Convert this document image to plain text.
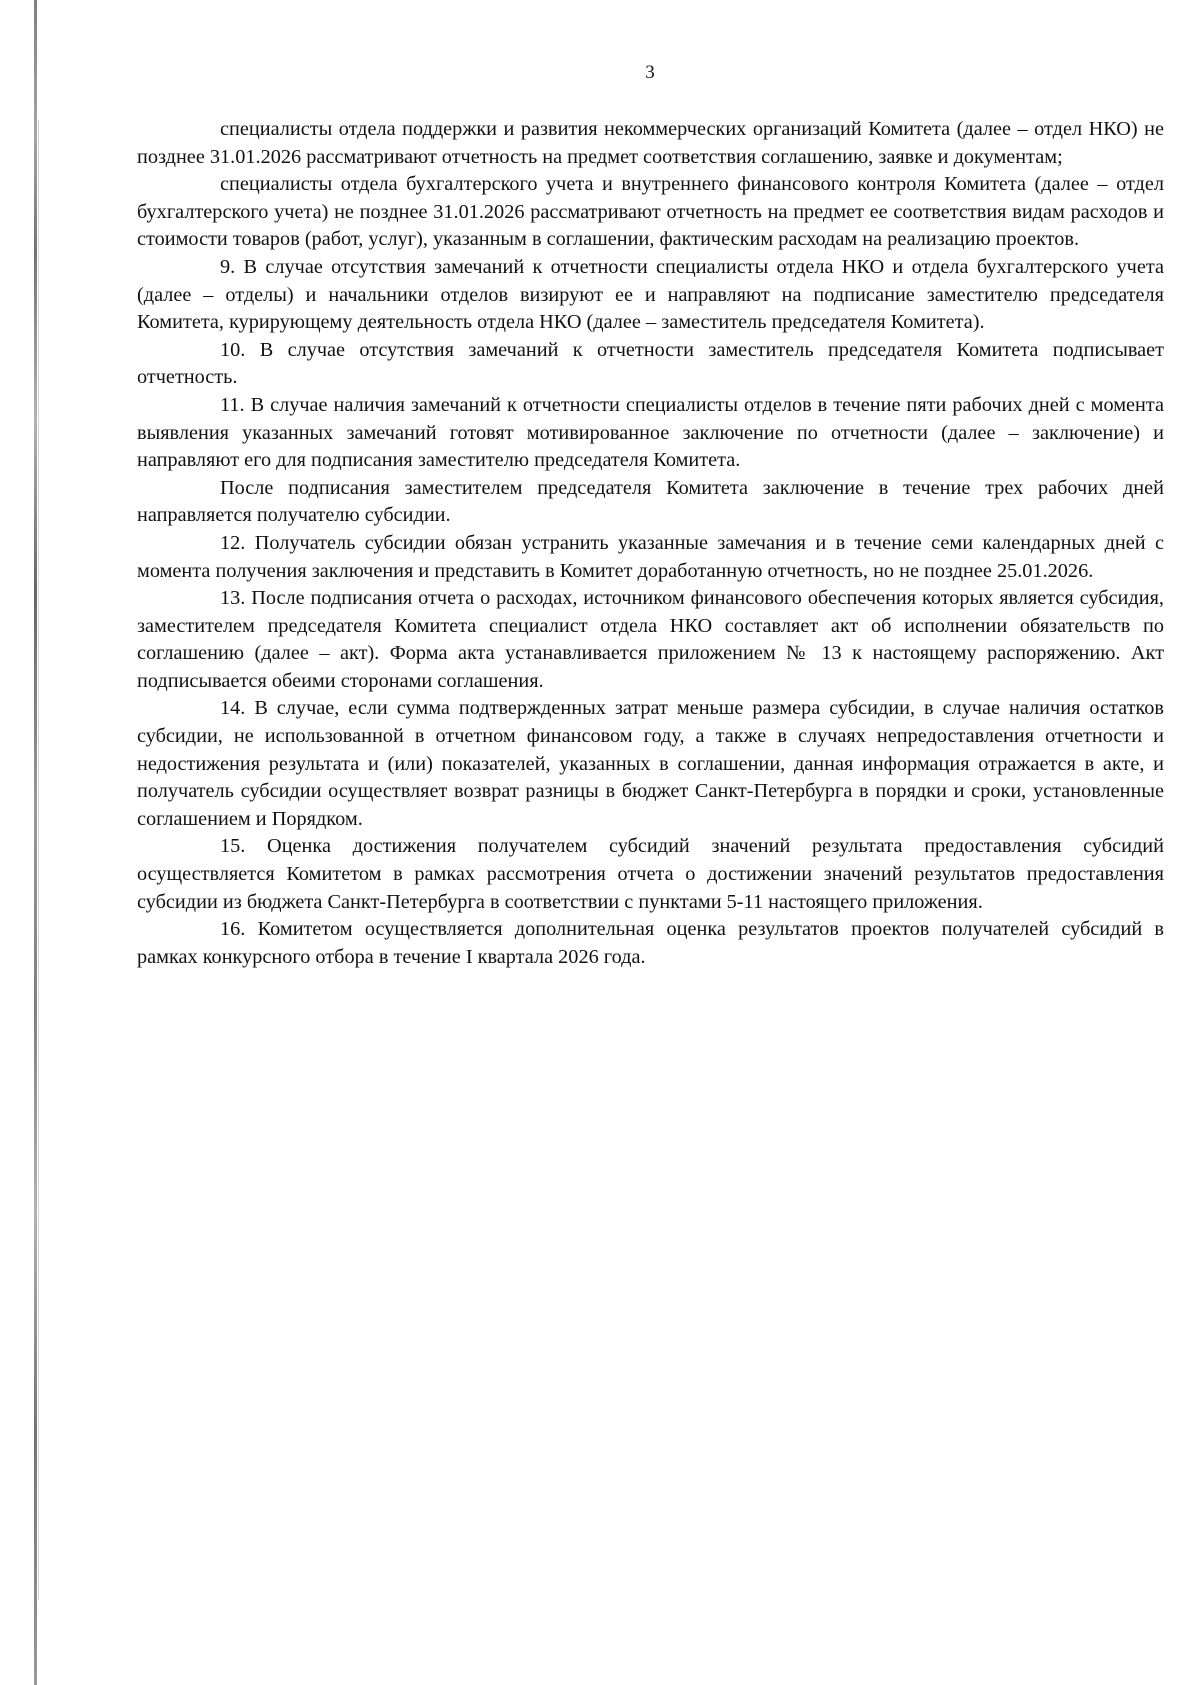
3

специалисты отдела поддержки и развития некоммерческих организаций Комитета (далее – отдел НКО) не позднее 31.01.2026 рассматривают отчетность на предмет соответствия соглашению, заявке и документам;

специалисты отдела бухгалтерского учета и внутреннего финансового контроля Комитета (далее – отдел бухгалтерского учета) не позднее 31.01.2026 рассматривают отчетность на предмет ее соответствия видам расходов и стоимости товаров (работ, услуг), указанным в соглашении, фактическим расходам на реализацию проектов.

9. В случае отсутствия замечаний к отчетности специалисты отдела НКО и отдела бухгалтерского учета (далее – отделы) и начальники отделов визируют ее и направляют на подписание заместителю председателя Комитета, курирующему деятельность отдела НКО (далее – заместитель председателя Комитета).

10. В случае отсутствия замечаний к отчетности заместитель председателя Комитета подписывает отчетность.

11. В случае наличия замечаний к отчетности специалисты отделов в течение пяти рабочих дней с момента выявления указанных замечаний готовят мотивированное заключение по отчетности (далее – заключение) и направляют его для подписания заместителю председателя Комитета.

После подписания заместителем председателя Комитета заключение в течение трех рабочих дней направляется получателю субсидии.

12. Получатель субсидии обязан устранить указанные замечания и в течение семи календарных дней с момента получения заключения и представить в Комитет доработанную отчетность, но не позднее 25.01.2026.

13. После подписания отчета о расходах, источником финансового обеспечения которых является субсидия, заместителем председателя Комитета специалист отдела НКО составляет акт об исполнении обязательств по соглашению (далее – акт). Форма акта устанавливается приложением № 13 к настоящему распоряжению. Акт подписывается обеими сторонами соглашения.

14. В случае, если сумма подтвержденных затрат меньше размера субсидии, в случае наличия остатков субсидии, не использованной в отчетном финансовом году, а также в случаях непредоставления отчетности и недостижения результата и (или) показателей, указанных в соглашении, данная информация отражается в акте, и получатель субсидии осуществляет возврат разницы в бюджет Санкт-Петербурга в порядки и сроки, установленные соглашением и Порядком.

15. Оценка достижения получателем субсидий значений результата предоставления субсидий осуществляется Комитетом в рамках рассмотрения отчета о достижении значений результатов предоставления субсидии из бюджета Санкт-Петербурга в соответствии с пунктами 5-11 настоящего приложения.

16. Комитетом осуществляется дополнительная оценка результатов проектов получателей субсидий в рамках конкурсного отбора в течение I квартала 2026 года.
